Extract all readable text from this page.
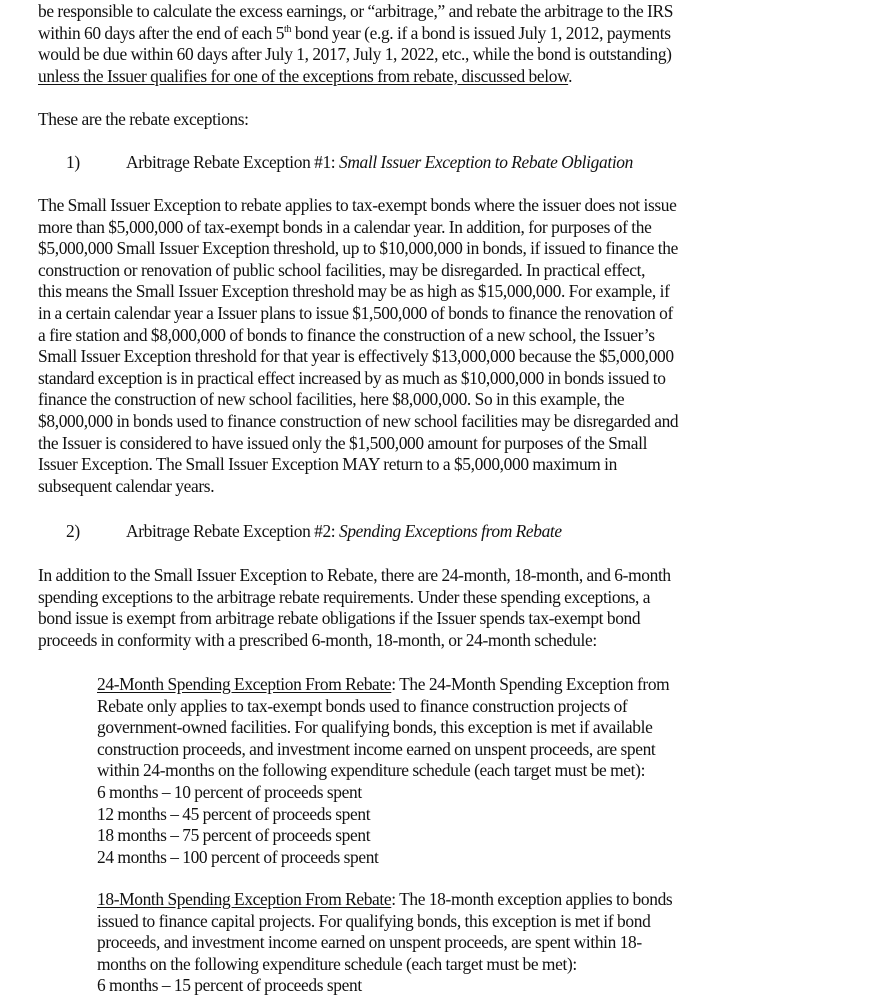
be responsible to calculate the excess earnings, or “arbitrage,” and rebate the arbitrage to the IRS
within 60 days after the end of each 5th bond year (e.g. if a bond is issued July 1, 2012, payments
would be due within 60 days after July 1, 2017, July 1, 2022, etc., while the bond is outstanding)
unless the Issuer qualifies for one of the exceptions from rebate, discussed below.

These are the rebate exceptions:

1)	Arbitrage Rebate Exception #1: Small Issuer Exception to Rebate Obligation

The Small Issuer Exception to rebate applies to tax-exempt bonds where the issuer does not issue
more than $5,000,000 of tax-exempt bonds in a calendar year. In addition, for purposes of the
$5,000,000 Small Issuer Exception threshold, up to $10,000,000 in bonds, if issued to finance the
construction or renovation of public school facilities, may be disregarded. In practical effect,
this means the Small Issuer Exception threshold may be as high as $15,000,000. For example, if
in a certain calendar year a Issuer plans to issue $1,500,000 of bonds to finance the renovation of
a fire station and $8,000,000 of bonds to finance the construction of a new school, the Issuer’s
Small Issuer Exception threshold for that year is effectively $13,000,000 because the $5,000,000
standard exception is in practical effect increased by as much as $10,000,000 in bonds issued to
finance the construction of new school facilities, here $8,000,000. So in this example, the
$8,000,000 in bonds used to finance construction of new school facilities may be disregarded and
the Issuer is considered to have issued only the $1,500,000 amount for purposes of the Small
Issuer Exception. The Small Issuer Exception MAY return to a $5,000,000 maximum in
subsequent calendar years.

2)	Arbitrage Rebate Exception #2: Spending Exceptions from Rebate

In addition to the Small Issuer Exception to Rebate, there are 24-month, 18-month, and 6-month
spending exceptions to the arbitrage rebate requirements. Under these spending exceptions, a
bond issue is exempt from arbitrage rebate obligations if the Issuer spends tax-exempt bond
proceeds in conformity with a prescribed 6-month, 18-month, or 24-month schedule:

24-Month Spending Exception From Rebate: The 24-Month Spending Exception from
Rebate only applies to tax-exempt bonds used to finance construction projects of
government-owned facilities. For qualifying bonds, this exception is met if available
construction proceeds, and investment income earned on unspent proceeds, are spent
within 24-months on the following expenditure schedule (each target must be met):
6 months – 10 percent of proceeds spent
12 months – 45 percent of proceeds spent
18 months – 75 percent of proceeds spent
24 months – 100 percent of proceeds spent

18-Month Spending Exception From Rebate: The 18-month exception applies to bonds
issued to finance capital projects. For qualifying bonds, this exception is met if bond
proceeds, and investment income earned on unspent proceeds, are spent within 18-
months on the following expenditure schedule (each target must be met):
6 months – 15 percent of proceeds spent
